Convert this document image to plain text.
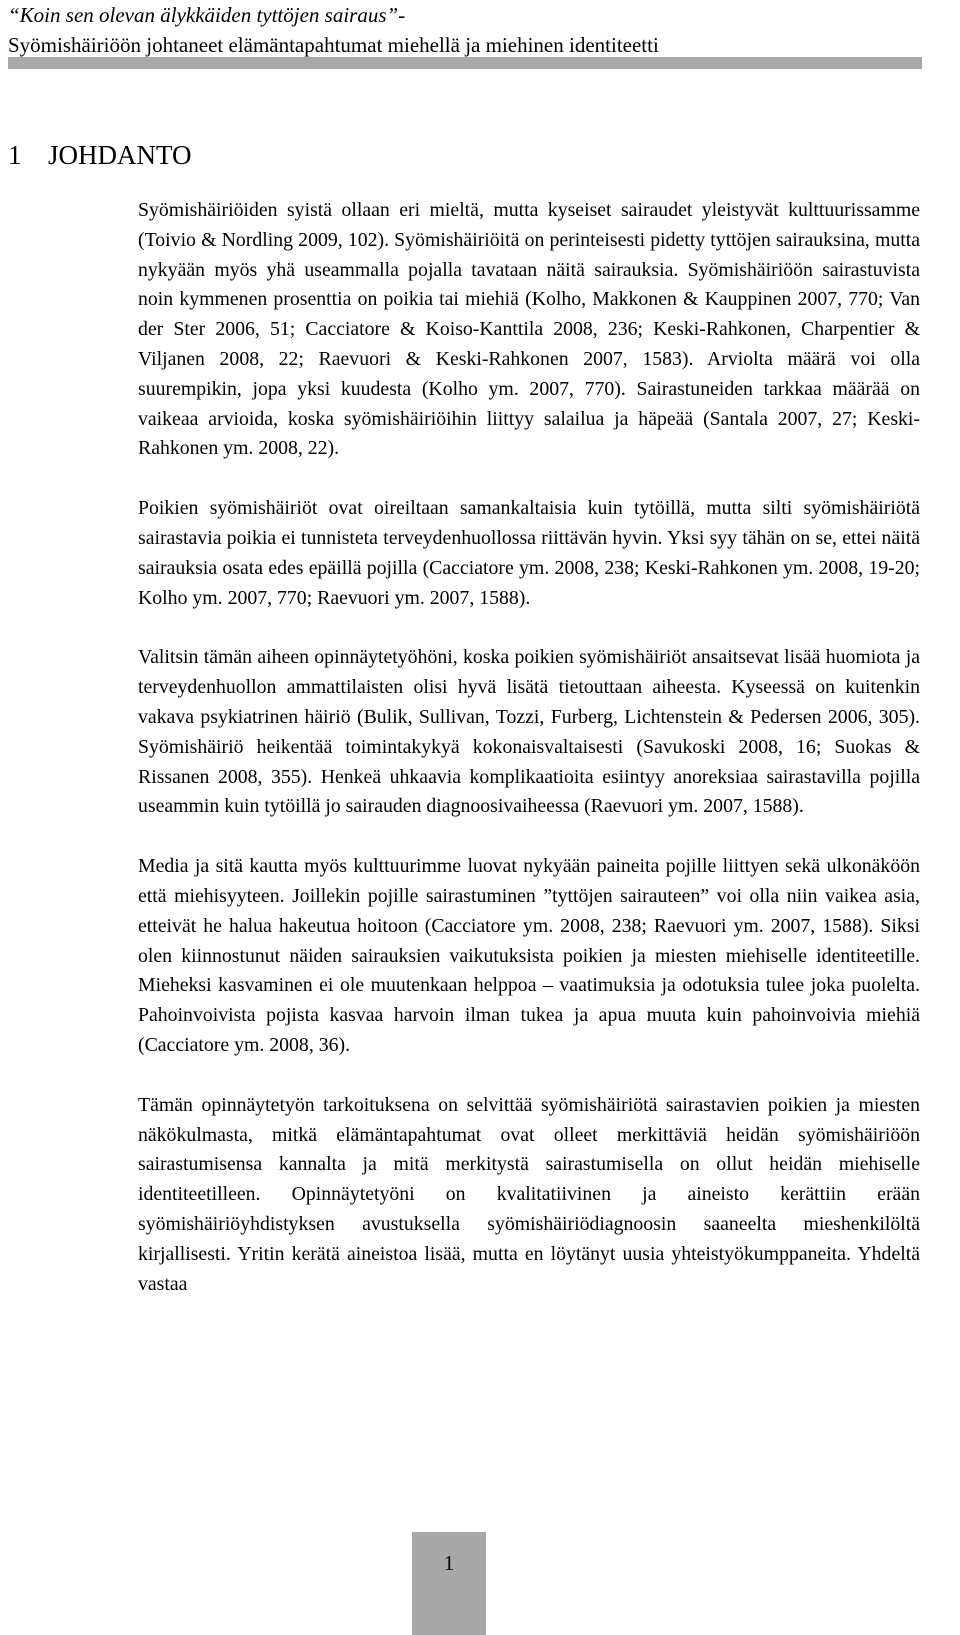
“Koin sen olevan älykkäiden tyttöjen sairaus”-

Syömishäiriöön johtaneet elämäntapahtumat miehellä ja miehinen identiteetti

1 JOHDANTO

Syömishäiriöiden syistä ollaan eri mieltä, mutta kyseiset sairaudet yleistyvät kulttuurissamme (Toivio & Nordling 2009, 102). Syömishäiriöitä on perinteisesti pidetty tyttöjen sairauksina, mutta nykyään myös yhä useammalla pojalla tavataan näitä sairauksia. Syömishäiriöön sairastuvista noin kymmenen prosenttia on poikia tai miehiä (Kolho, Makkonen & Kauppinen 2007, 770; Van der Ster 2006, 51; Cacciatore & Koiso-Kanttila 2008, 236; Keski-Rahkonen, Charpentier & Viljanen 2008, 22; Raevuori & Keski-Rahkonen 2007, 1583). Arviolta määrä voi olla suurempikin, jopa yksi kuudesta (Kolho ym. 2007, 770). Sairastuneiden tarkkaa määrää on vaikeaa arvioida, koska syömishäiriöihin liittyy salailua ja häpeää (Santala 2007, 27; Keski-Rahkonen ym. 2008, 22).

Poikien syömishäiriöt ovat oireiltaan samankaltaisia kuin tytöillä, mutta silti syömishäiriötä sairastavia poikia ei tunnisteta terveydenhuollossa riittävän hyvin. Yksi syy tähän on se, ettei näitä sairauksia osata edes epäillä pojilla (Cacciatore ym. 2008, 238; Keski-Rahkonen ym. 2008, 19-20; Kolho ym. 2007, 770; Raevuori ym. 2007, 1588).

Valitsin tämän aiheen opinnäytetyöhöni, koska poikien syömishäiriöt ansaitsevat lisää huomiota ja terveydenhuollon ammattilaisten olisi hyvä lisätä tietouttaan aiheesta. Kyseessä on kuitenkin vakava psykiatrinen häiriö (Bulik, Sullivan, Tozzi, Furberg, Lichtenstein & Pedersen 2006, 305). Syömishäiriö heikentää toimintakykyä kokonaisvaltaisesti (Savukoski 2008, 16; Suokas & Rissanen 2008, 355). Henkeä uhkaavia komplikaatioita esiintyy anoreksiaa sairastavilla pojilla useammin kuin tytöillä jo sairauden diagnoosivaiheessa (Raevuori ym. 2007, 1588).

Media ja sitä kautta myös kulttuurimme luovat nykyään paineita pojille liittyen sekä ulkonäköön että miehisyyteen. Joillekin pojille sairastuminen ”tyttöjen sairauteen” voi olla niin vaikea asia, etteivät he halua hakeutua hoitoon (Cacciatore ym. 2008, 238; Raevuori ym. 2007, 1588). Siksi olen kiinnostunut näiden sairauksien vaikutuksista poikien ja miesten miehiselle identiteetille. Mieheksi kasvaminen ei ole muutenkaan helppoa – vaatimuksia ja odotuksia tulee joka puolelta. Pahoinvoivista pojista kasvaa harvoin ilman tukea ja apua muuta kuin pahoinvoivia miehiä (Cacciatore ym. 2008, 36).

Tämän opinnäytetyön tarkoituksena on selvittää syömishäiriötä sairastavien poikien ja miesten näkökulmasta, mitkä elämäntapahtumat ovat olleet merkittäviä heidän syömishäiriöön sairastumisensa kannalta ja mitä merkitystä sairastumisella on ollut heidän miehiselle identiteetilleen. Opinnäytetyöni on kvalitatiivinen ja aineisto kerättiin erään syömishäiriöyhdistyksen avustuksella syömishäiriödiagnoosin saaneelta mieshenkilöltä kirjallisesti. Yritin kerätä aineistoa lisää, mutta en löytänyt uusia yhteistyökumppaneita. Yhdeltä vastaa

1
